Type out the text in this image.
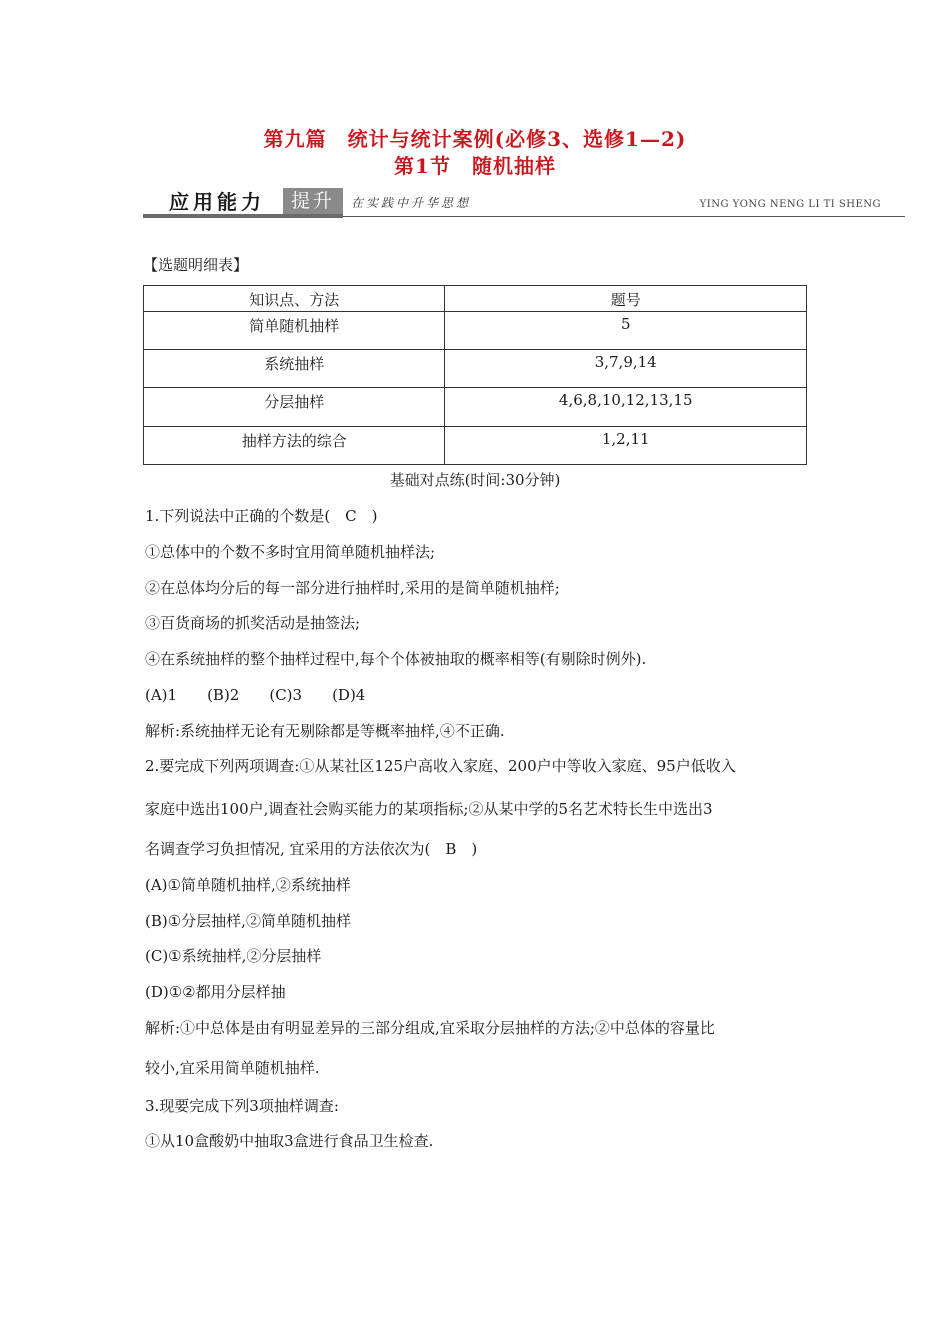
第九篇　统计与统计案例(必修3、选修1—2)
第1节　随机抽样
应用能力	提升	在实践中升华思想	YING YONG NENG LI TI SHENG
【选题明细表】
知识点、方法	题号
简单随机抽样	5
系统抽样	3,7,9,14
分层抽样	4,6,8,10,12,13,15
抽样方法的综合	1,2,11
基础对点练(时间:30分钟)
1.下列说法中正确的个数是(　C　)
①总体中的个数不多时宜用简单随机抽样法;
②在总体均分后的每一部分进行抽样时,采用的是简单随机抽样;
③百货商场的抓奖活动是抽签法;
④在系统抽样的整个抽样过程中,每个个体被抽取的概率相等(有剔除时例外).
(A)1　　(B)2　　(C)3　　(D)4
解析:系统抽样无论有无剔除都是等概率抽样,④不正确.
2.要完成下列两项调查:①从某社区125户高收入家庭、200户中等收入家庭、95户低收入
家庭中选出100户,调查社会购买能力的某项指标;②从某中学的5名艺术特长生中选出3
名调查学习负担情况, 宜采用的方法依次为(　B　)
(A)①简单随机抽样,②系统抽样
(B)①分层抽样,②简单随机抽样
(C)①系统抽样,②分层抽样
(D)①②都用分层样抽
解析:①中总体是由有明显差异的三部分组成,宜采取分层抽样的方法;②中总体的容量比
较小,宜采用简单随机抽样.
3.现要完成下列3项抽样调查:
①从10盒酸奶中抽取3盒进行食品卫生检查.
